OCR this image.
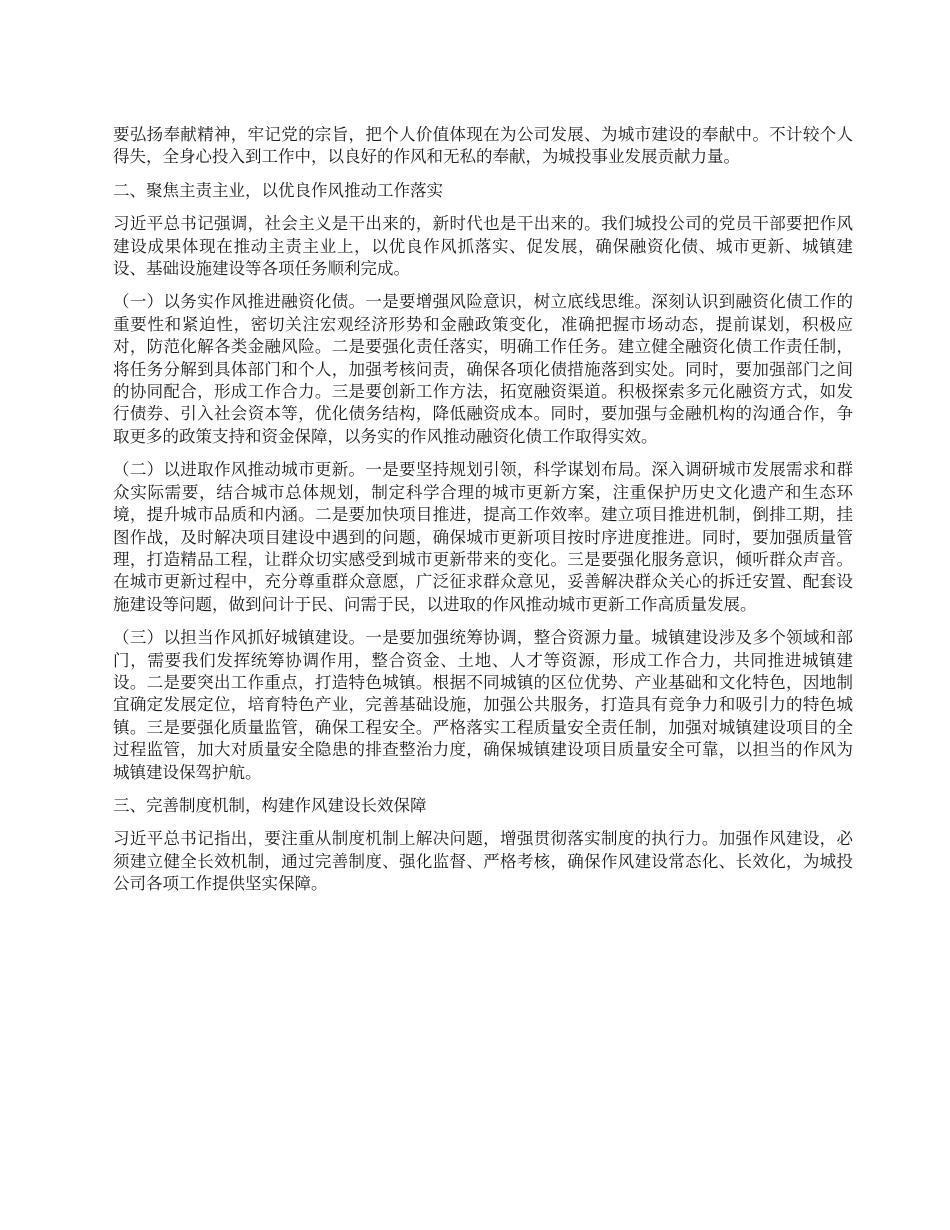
要弘扬奉献精神，牢记党的宗旨，把个人价值体现在为公司发展、为城市建设的奉献中。不计较个人得失，全身心投入到工作中，以良好的作风和无私的奉献，为城投事业发展贡献力量。

二、聚焦主责主业，以优良作风推动工作落实

习近平总书记强调，社会主义是干出来的，新时代也是干出来的。我们城投公司的党员干部要把作风建设成果体现在推动主责主业上，以优良作风抓落实、促发展，确保融资化债、城市更新、城镇建设、基础设施建设等各项任务顺利完成。

（一）以务实作风推进融资化债。一是要增强风险意识，树立底线思维。深刻认识到融资化债工作的重要性和紧迫性，密切关注宏观经济形势和金融政策变化，准确把握市场动态，提前谋划，积极应对，防范化解各类金融风险。二是要强化责任落实，明确工作任务。建立健全融资化债工作责任制，将任务分解到具体部门和个人，加强考核问责，确保各项化债措施落到实处。同时，要加强部门之间的协同配合，形成工作合力。三是要创新工作方法，拓宽融资渠道。积极探索多元化融资方式，如发行债券、引入社会资本等，优化债务结构，降低融资成本。同时，要加强与金融机构的沟通合作，争取更多的政策支持和资金保障，以务实的作风推动融资化债工作取得实效。

（二）以进取作风推动城市更新。一是要坚持规划引领，科学谋划布局。深入调研城市发展需求和群众实际需要，结合城市总体规划，制定科学合理的城市更新方案，注重保护历史文化遗产和生态环境，提升城市品质和内涵。二是要加快项目推进，提高工作效率。建立项目推进机制，倒排工期，挂图作战，及时解决项目建设中遇到的问题，确保城市更新项目按时序进度推进。同时，要加强质量管理，打造精品工程，让群众切实感受到城市更新带来的变化。三是要强化服务意识，倾听群众声音。在城市更新过程中，充分尊重群众意愿，广泛征求群众意见，妥善解决群众关心的拆迁安置、配套设施建设等问题，做到问计于民、问需于民，以进取的作风推动城市更新工作高质量发展。

（三）以担当作风抓好城镇建设。一是要加强统筹协调，整合资源力量。城镇建设涉及多个领域和部门，需要我们发挥统筹协调作用，整合资金、土地、人才等资源，形成工作合力，共同推进城镇建设。二是要突出工作重点，打造特色城镇。根据不同城镇的区位优势、产业基础和文化特色，因地制宜确定发展定位，培育特色产业，完善基础设施，加强公共服务，打造具有竞争力和吸引力的特色城镇。三是要强化质量监管，确保工程安全。严格落实工程质量安全责任制，加强对城镇建设项目的全过程监管，加大对质量安全隐患的排查整治力度，确保城镇建设项目质量安全可靠，以担当的作风为城镇建设保驾护航。

三、完善制度机制，构建作风建设长效保障

习近平总书记指出，要注重从制度机制上解决问题，增强贯彻落实制度的执行力。加强作风建设，必须建立健全长效机制，通过完善制度、强化监督、严格考核，确保作风建设常态化、长效化，为城投公司各项工作提供坚实保障。
